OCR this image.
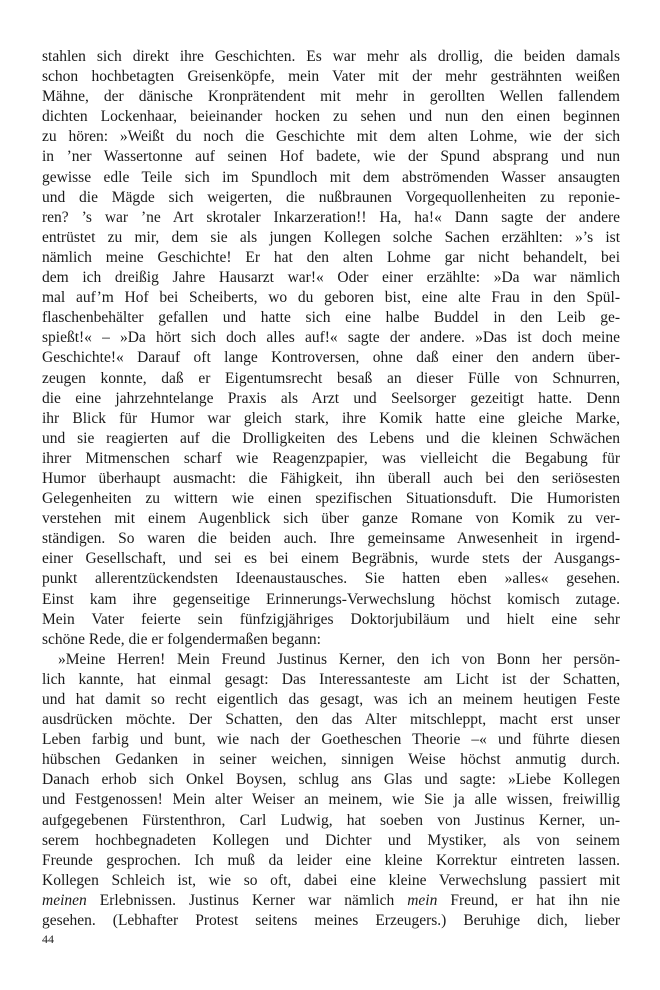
stahlen sich direkt ihre Geschichten. Es war mehr als drollig, die beiden damals
schon hochbetagten Greisenköpfe, mein Vater mit der mehr gesträhnten weißen
Mähne, der dänische Kronprätendent mit mehr in gerollten Wellen fallendem
dichten Lockenhaar, beieinander hocken zu sehen und nun den einen beginnen
zu hören: »Weißt du noch die Geschichte mit dem alten Lohme, wie der sich
in ’ner Wassertonne auf seinen Hof badete, wie der Spund absprang und nun
gewisse edle Teile sich im Spundloch mit dem abströmenden Wasser ansaugten
und die Mägde sich weigerten, die nußbraunen Vorgequollenheiten zu reponie-
ren? ’s war ’ne Art skrotaler Inkarzeration!! Ha, ha!« Dann sagte der andere
entrüstet zu mir, dem sie als jungen Kollegen solche Sachen erzählten: »’s ist
nämlich meine Geschichte! Er hat den alten Lohme gar nicht behandelt, bei
dem ich dreißig Jahre Hausarzt war!« Oder einer erzählte: »Da war nämlich
mal auf’m Hof bei Scheiberts, wo du geboren bist, eine alte Frau in den Spül-
flaschenbehälter gefallen und hatte sich eine halbe Buddel in den Leib ge-
spießt!« – »Da hört sich doch alles auf!« sagte der andere. »Das ist doch meine
Geschichte!« Darauf oft lange Kontroversen, ohne daß einer den andern über-
zeugen konnte, daß er Eigentumsrecht besaß an dieser Fülle von Schnurren,
die eine jahrzehntelange Praxis als Arzt und Seelsorger gezeitigt hatte. Denn
ihr Blick für Humor war gleich stark, ihre Komik hatte eine gleiche Marke,
und sie reagierten auf die Drolligkeiten des Lebens und die kleinen Schwächen
ihrer Mitmenschen scharf wie Reagenzpapier, was vielleicht die Begabung für
Humor überhaupt ausmacht: die Fähigkeit, ihn überall auch bei den seriösesten
Gelegenheiten zu wittern wie einen spezifischen Situationsduft. Die Humoristen
verstehen mit einem Augenblick sich über ganze Romane von Komik zu ver-
ständigen. So waren die beiden auch. Ihre gemeinsame Anwesenheit in irgend-
einer Gesellschaft, und sei es bei einem Begräbnis, wurde stets der Ausgangs-
punkt allerentzückendsten Ideenaustausches. Sie hatten eben »alles« gesehen.
Einst kam ihre gegenseitige Erinnerungs-Verwechslung höchst komisch zutage.
Mein Vater feierte sein fünfzigjähriges Doktorjubiläum und hielt eine sehr
schöne Rede, die er folgendermaßen begann:
»Meine Herren! Mein Freund Justinus Kerner, den ich von Bonn her persön-
lich kannte, hat einmal gesagt: Das Interessanteste am Licht ist der Schatten,
und hat damit so recht eigentlich das gesagt, was ich an meinem heutigen Feste
ausdrücken möchte. Der Schatten, den das Alter mitschleppt, macht erst unser
Leben farbig und bunt, wie nach der Goetheschen Theorie –« und führte diesen
hübschen Gedanken in seiner weichen, sinnigen Weise höchst anmutig durch.
Danach erhob sich Onkel Boysen, schlug ans Glas und sagte: »Liebe Kollegen
und Festgenossen! Mein alter Weiser an meinem, wie Sie ja alle wissen, freiwillig
aufgegebenen Fürstenthron, Carl Ludwig, hat soeben von Justinus Kerner, un-
serem hochbegnadeten Kollegen und Dichter und Mystiker, als von seinem
Freunde gesprochen. Ich muß da leider eine kleine Korrektur eintreten lassen.
Kollegen Schleich ist, wie so oft, dabei eine kleine Verwechslung passiert mit
meinen Erlebnissen. Justinus Kerner war nämlich mein Freund, er hat ihn nie
gesehen. (Lebhafter Protest seitens meines Erzeugers.) Beruhige dich, lieber
44
